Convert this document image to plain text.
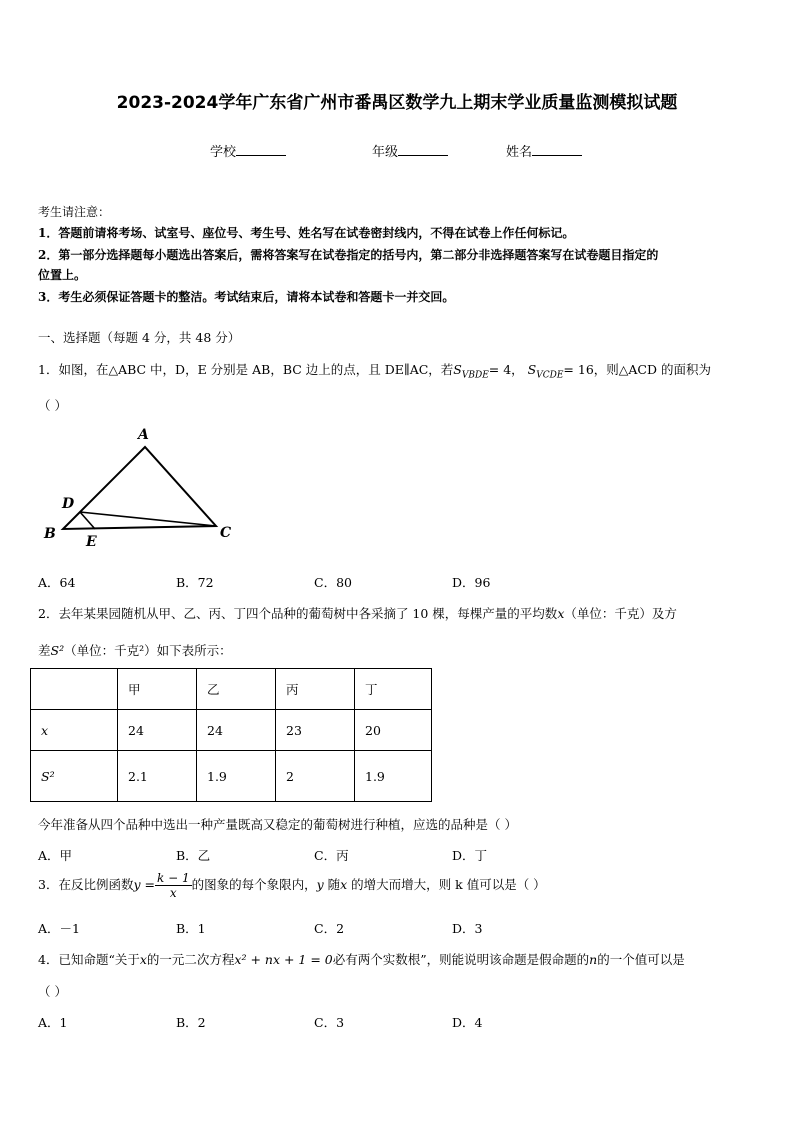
2023-2024学年广东省广州市番禺区数学九上期末学业质量监测模拟试题
学校	年级	姓名
考生请注意：
1．答题前请将考场、试室号、座位号、考生号、姓名写在试卷密封线内，不得在试卷上作任何标记。
2．第一部分选择题每小题选出答案后，需将答案写在试卷指定的括号内，第二部分非选择题答案写在试卷题目指定的
位置上。
3．考生必须保证答题卡的整洁。考试结束后，请将本试卷和答题卡一并交回。
一、选择题（每题 4 分，共 48 分）
1．如图，在△ABC 中，D，E 分别是 AB，BC 边上的点，且 DE∥AC，若$S_{VBDE}= 4$， $S_{VCDE}= 16$，则△ACD 的面积为
（ ）
A
D
B E
C
A．64	B．72	C．80	D．96
2．去年某果园随机从甲、乙、丙、丁四个品种的葡萄树中各采摘了 10 棵，每棵产量的平均数x（单位：千克）及方
差S²（单位：千克²）如下表所示：
	甲	乙	丙	丁
x	24	24	23	20
S²	2.1	1.9	2	1.9
今年准备从四个品种中选出一种产量既高又稳定的葡萄树进行种植，应选的品种是（ ）
A．甲	B．乙	C．丙	D．丁
3．在反比例函数$y = \frac{k - 1}{x}$ 的图象的每个象限内，y 随x 的增大而增大，则 k 值可以是（ ）
A．－1	B．1	C．2	D．3
4．已知命题“关于x的一元二次方程x² + nx + 1 = 0必有两个实数根”，则能说明该命题是假命题的n的一个值可以是
（ ）
A．1	B．2	C．3	D．4
